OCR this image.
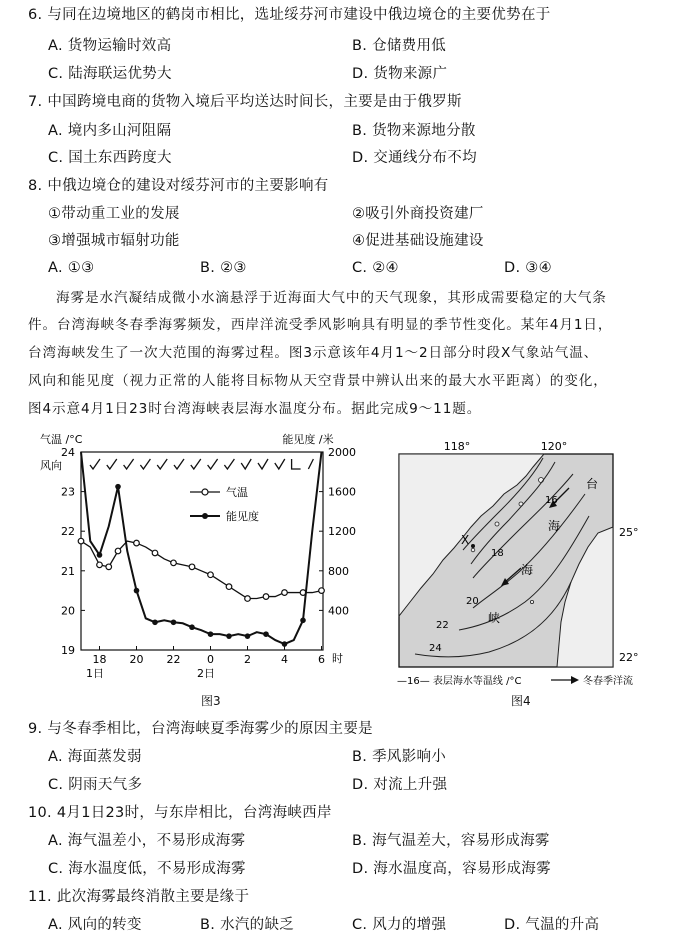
6. 与同在边境地区的鹤岗市相比，选址绥芬河市建设中俄边境仓的主要优势在于
A. 货物运输时效高	B. 仓储费用低
C. 陆海联运优势大	D. 货物来源广
7. 中国跨境电商的货物入境后平均送达时间长，主要是由于俄罗斯
A. 境内多山河阻隔	B. 货物来源地分散
C. 国土东西跨度大	D. 交通线分布不均
8. 中俄边境仓的建设对绥芬河市的主要影响有
①带动重工业的发展	②吸引外商投资建厂
③增强城市辐射功能	④促进基础设施建设
A. ①③	B. ②③	C. ②④	D. ③④
海雾是水汽凝结成微小水滴悬浮于近海面大气中的天气现象，其形成需要稳定的大气条
件。台湾海峡冬春季海雾频发，西岸洋流受季风影响具有明显的季节性变化。某年4月1日，
台湾海峡发生了一次大范围的海雾过程。图3示意该年4月1～2日部分时段X气象站气温、
风向和能见度（视力正常的人能将目标物从天空背景中辨认出来的最大水平距离）的变化，
图4示意4月1日23时台湾海峡表层海水温度分布。据此完成9～11题。
气温 /°C	能见度 /米
风向
24
23
22
21
20
19
2000
1600
1200
800
400
18 20 22 0	2	4	6 时
1日	2日
气温
能见度
图3
118°	120°
台
海
海
峡
X
16
18
20
22
24
25°
22°
—16— 表层海水等温线 /°C	冬春季洋流
图4
9. 与冬春季相比，台湾海峡夏季海雾少的原因主要是
A. 海面蒸发弱	B. 季风影响小
C. 阴雨天气多	D. 对流上升强
10. 4月1日23时，与东岸相比，台湾海峡西岸
A. 海气温差小，不易形成海雾	B. 海气温差大，容易形成海雾
C. 海水温度低，不易形成海雾	D. 海水温度高，容易形成海雾
11. 此次海雾最终消散主要是缘于
A. 风向的转变	B. 水汽的缺乏	C. 风力的增强	D. 气温的升高
